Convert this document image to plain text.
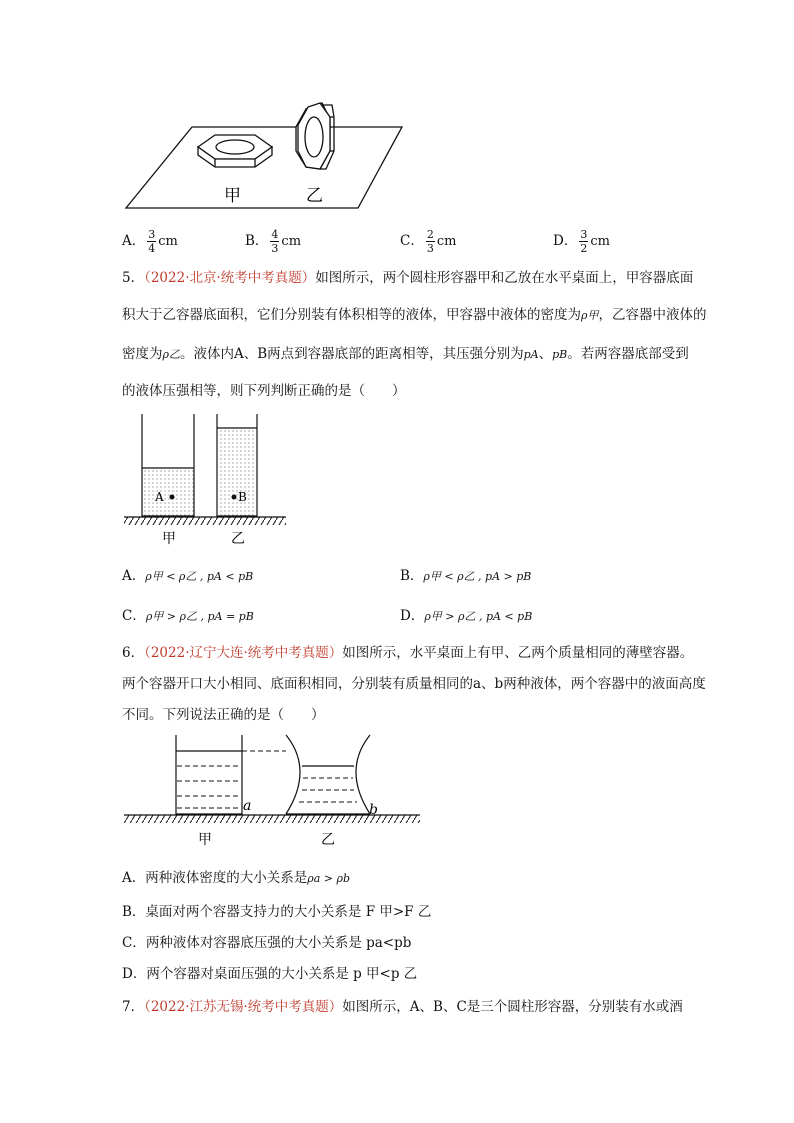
甲	乙
A． $\frac{3}{4}$ cm	B． $\frac{4}{3}$ cm	C． $\frac{2}{3}$ cm	D． $\frac{3}{2}$ cm
5．（2022·北京·统考中考真题）如图所示，两个圆柱形容器甲和乙放在水平桌面上，甲容器底面
积大于乙容器底面积，它们分别装有体积相等的液体，甲容器中液体的密度为ρ甲，乙容器中液体的
密度为ρ乙。液体内A、B两点到容器底部的距离相等，其压强分别为pA、pB。若两容器底部受到
的液体压强相等，则下列判断正确的是（　　）
A	B
甲	乙
A．ρ甲 < ρ乙 , pA < pB	B．ρ甲 < ρ乙 , pA > pB
C．ρ甲 > ρ乙 , pA = pB	D．ρ甲 > ρ乙 , pA < pB
6．（2022·辽宁大连·统考中考真题）如图所示，水平桌面上有甲、乙两个质量相同的薄壁容器。
两个容器开口大小相同、底面积相同，分别装有质量相同的a、b两种液体，两个容器中的液面高度
不同。下列说法正确的是（　　）
a	b
甲	乙
A．两种液体密度的大小关系是ρa > ρb
B．桌面对两个容器支持力的大小关系是 F 甲>F 乙
C．两种液体对容器底压强的大小关系是 pa<pb
D．两个容器对桌面压强的大小关系是 p 甲<p 乙
7．（2022·江苏无锡·统考中考真题）如图所示，A、B、C是三个圆柱形容器，分别装有水或酒
